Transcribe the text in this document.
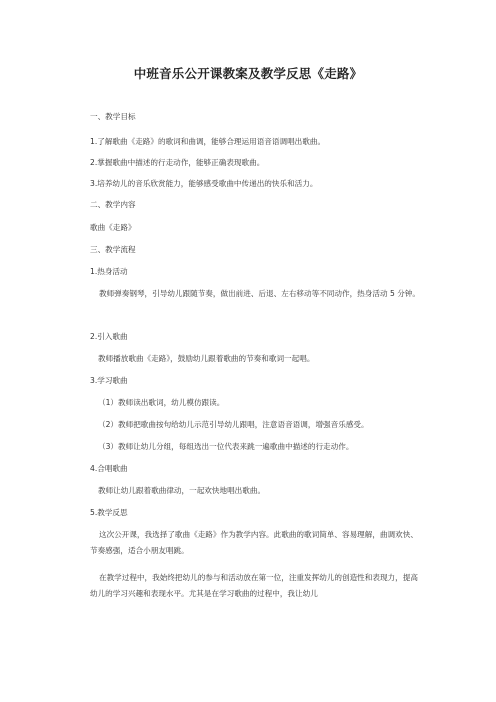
中班音乐公开课教案及教学反思《走路》
一、教学目标
1.了解歌曲《走路》的歌词和曲调，能够合理运用语音语调唱出歌曲。
2.掌握歌曲中描述的行走动作，能够正确表现歌曲。
3.培养幼儿的音乐欣赏能力，能够感受歌曲中传递出的快乐和活力。
二、教学内容
歌曲《走路》
三、教学流程
1.热身活动
教师弹奏钢琴，引导幼儿跟随节奏，做出前进、后退、左右移动等不同动作，热身活动 5 分钟。
2.引入歌曲
教师播放歌曲《走路》，鼓励幼儿跟着歌曲的节奏和歌词一起唱。
3.学习歌曲
（1）教师读出歌词，幼儿模仿跟读。
（2）教师把歌曲按句给幼儿示范引导幼儿跟唱，注意语音语调，增强音乐感受。
（3）教师让幼儿分组，每组选出一位代表来跳一遍歌曲中描述的行走动作。
4.合唱歌曲
教师让幼儿跟着歌曲律动，一起欢快地唱出歌曲。
5.教学反思
这次公开课，我选择了歌曲《走路》作为教学内容。此歌曲的歌词简单、容易理解，曲调欢快、节奏感强，适合小朋友唱跳。
在教学过程中，我始终把幼儿的参与和活动放在第一位，注重发挥幼儿的创造性和表现力，提高幼儿的学习兴趣和表现水平。尤其是在学习歌曲的过程中，我让幼儿
